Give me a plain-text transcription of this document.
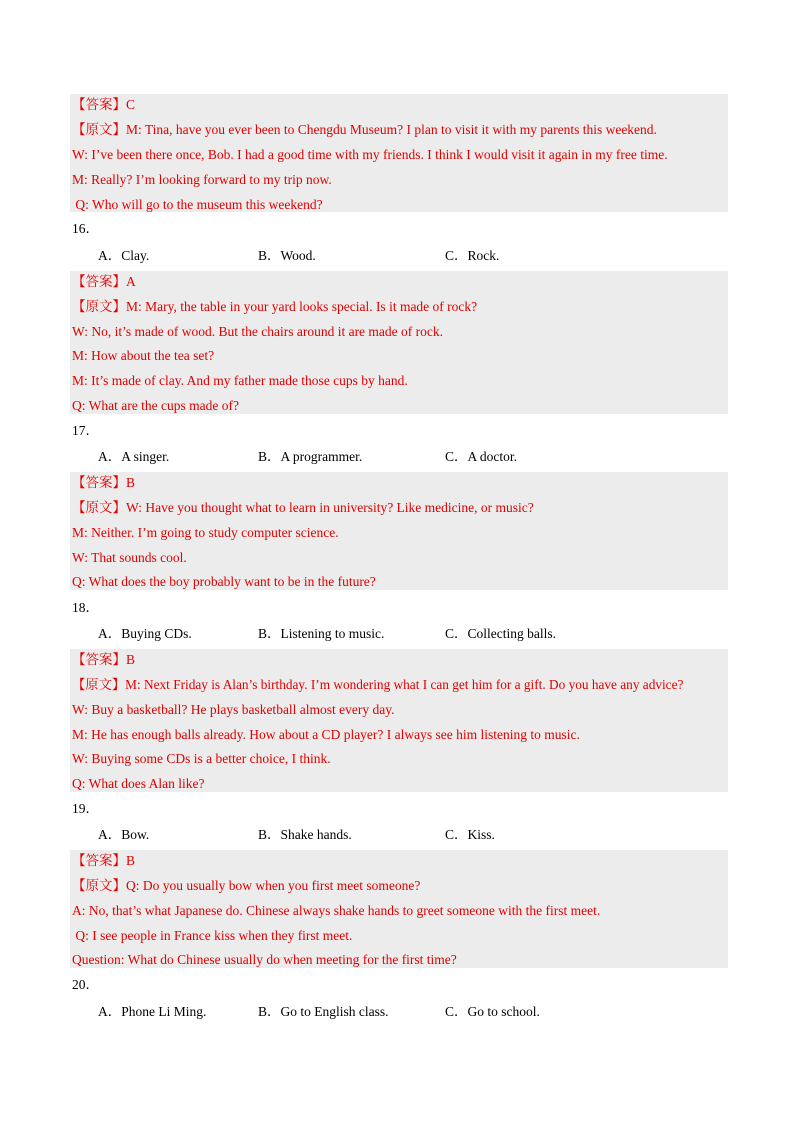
【答案】C
【原文】M: Tina, have you ever been to Chengdu Museum? I plan to visit it with my parents this weekend.
W: I’ve been there once, Bob. I had a good time with my friends. I think I would visit it again in my free time.
M: Really? I’m looking forward to my trip now.
Q: Who will go to the museum this weekend?
16．
A．Clay.	B．Wood.	C．Rock.
【答案】A
【原文】M: Mary, the table in your yard looks special. Is it made of rock?
W: No, it’s made of wood. But the chairs around it are made of rock.
M: How about the tea set?
M: It’s made of clay. And my father made those cups by hand.
Q: What are the cups made of?
17．
A．A singer.	B．A programmer.	C．A doctor.
【答案】B
【原文】W: Have you thought what to learn in university? Like medicine, or music?
M: Neither. I’m going to study computer science.
W: That sounds cool.
Q: What does the boy probably want to be in the future?
18．
A．Buying CDs.	B．Listening to music.	C．Collecting balls.
【答案】B
【原文】M: Next Friday is Alan’s birthday. I’m wondering what I can get him for a gift. Do you have any advice?
W: Buy a basketball? He plays basketball almost every day.
M: He has enough balls already. How about a CD player? I always see him listening to music.
W: Buying some CDs is a better choice, I think.
Q: What does Alan like?
19．
A．Bow.	B．Shake hands.	C．Kiss.
【答案】B
【原文】Q: Do you usually bow when you first meet someone?
A: No, that’s what Japanese do. Chinese always shake hands to greet someone with the first meet.
Q: I see people in France kiss when they first meet.
Question: What do Chinese usually do when meeting for the first time?
20．
A．Phone Li Ming.	B．Go to English class.	C．Go to school.
